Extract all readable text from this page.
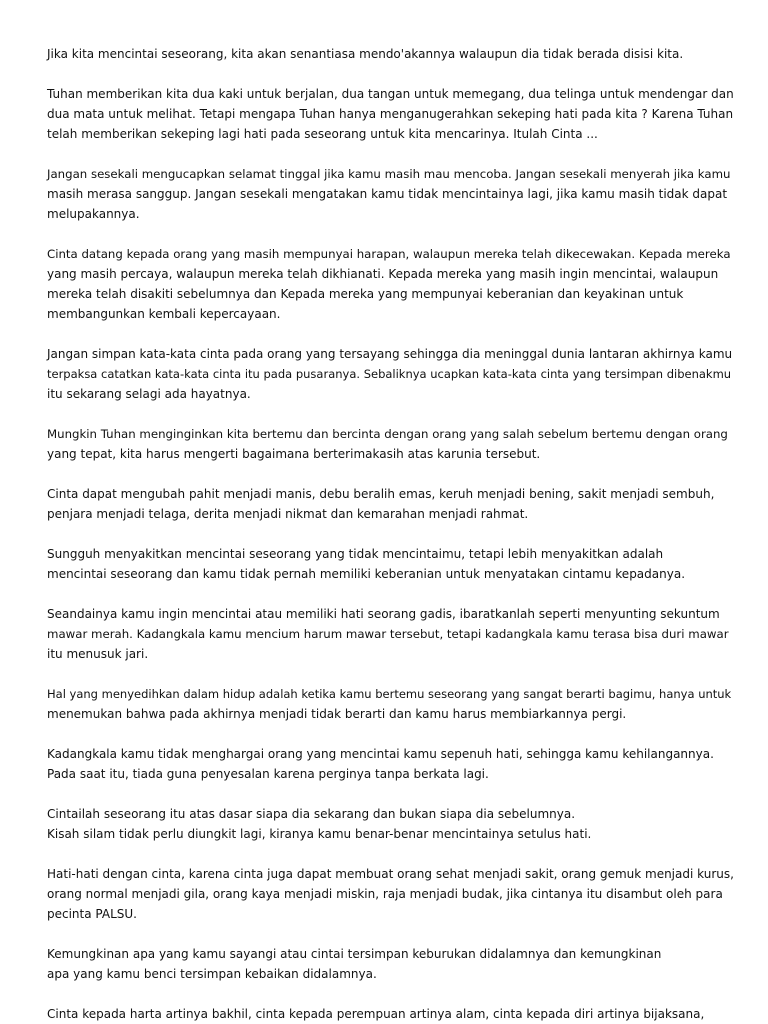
Jika kita mencintai seseorang, kita akan senantiasa mendo'akannya walaupun dia tidak berada disisi kita.

Tuhan memberikan kita dua kaki untuk berjalan, dua tangan untuk memegang, dua telinga untuk mendengar dan
dua mata untuk melihat. Tetapi mengapa Tuhan hanya menganugerahkan sekeping hati pada kita ? Karena Tuhan
telah memberikan sekeping lagi hati pada seseorang untuk kita mencarinya. Itulah Cinta ...

Jangan sesekali mengucapkan selamat tinggal jika kamu masih mau mencoba. Jangan sesekali menyerah jika kamu
masih merasa sanggup. Jangan sesekali mengatakan kamu tidak mencintainya lagi, jika kamu masih tidak dapat
melupakannya.

Cinta datang kepada orang yang masih mempunyai harapan, walaupun mereka telah dikecewakan. Kepada mereka
yang masih percaya, walaupun mereka telah dikhianati. Kepada mereka yang masih ingin mencintai, walaupun
mereka telah disakiti sebelumnya dan Kepada mereka yang mempunyai keberanian dan keyakinan untuk
membangunkan kembali kepercayaan.

Jangan simpan kata-kata cinta pada orang yang tersayang sehingga dia meninggal dunia lantaran akhirnya kamu
terpaksa catatkan kata-kata cinta itu pada pusaranya. Sebaliknya ucapkan kata-kata cinta yang tersimpan dibenakmu
itu sekarang selagi ada hayatnya.

Mungkin Tuhan menginginkan kita bertemu dan bercinta dengan orang yang salah sebelum bertemu dengan orang
yang tepat, kita harus mengerti bagaimana berterimakasih atas karunia tersebut.

Cinta dapat mengubah pahit menjadi manis, debu beralih emas, keruh menjadi bening, sakit menjadi sembuh,
penjara menjadi telaga, derita menjadi nikmat dan kemarahan menjadi rahmat.

Sungguh menyakitkan mencintai seseorang yang tidak mencintaimu, tetapi lebih menyakitkan adalah
mencintai seseorang dan kamu tidak pernah memiliki keberanian untuk menyatakan cintamu kepadanya.

Seandainya kamu ingin mencintai atau memiliki hati seorang gadis, ibaratkanlah seperti menyunting sekuntum
mawar merah. Kadangkala kamu mencium harum mawar tersebut, tetapi kadangkala kamu terasa bisa duri mawar
itu menusuk jari.

Hal yang menyedihkan dalam hidup adalah ketika kamu bertemu seseorang yang sangat berarti bagimu, hanya untuk
menemukan bahwa pada akhirnya menjadi tidak berarti dan kamu harus membiarkannya pergi.

Kadangkala kamu tidak menghargai orang yang mencintai kamu sepenuh hati, sehingga kamu kehilangannya.
Pada saat itu, tiada guna penyesalan karena perginya tanpa berkata lagi.

Cintailah seseorang itu atas dasar siapa dia sekarang dan bukan siapa dia sebelumnya.
Kisah silam tidak perlu diungkit lagi, kiranya kamu benar-benar mencintainya setulus hati.

Hati-hati dengan cinta, karena cinta juga dapat membuat orang sehat menjadi sakit, orang gemuk menjadi kurus,
orang normal menjadi gila, orang kaya menjadi miskin, raja menjadi budak, jika cintanya itu disambut oleh para
pecinta PALSU.

Kemungkinan apa yang kamu sayangi atau cintai tersimpan keburukan didalamnya dan kemungkinan
apa yang kamu benci tersimpan kebaikan didalamnya.

Cinta kepada harta artinya bakhil, cinta kepada perempuan artinya alam, cinta kepada diri artinya bijaksana,
